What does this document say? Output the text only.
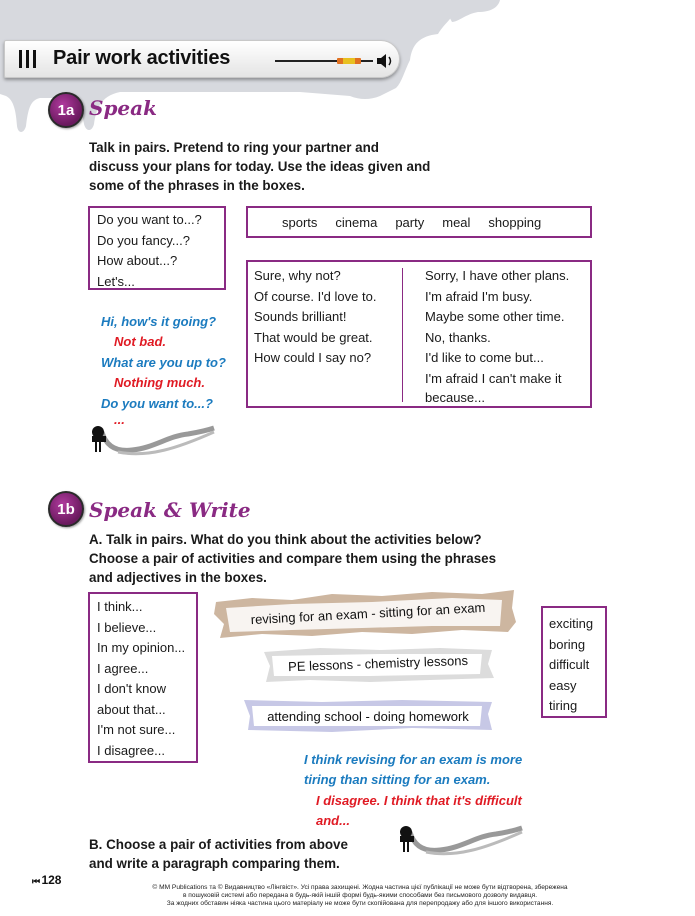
Pair work activities
1a Speak
Talk in pairs. Pretend to ring your partner and
discuss your plans for today. Use the ideas given and
some of the phrases in the boxes.
Do you want to...?
Do you fancy...?
How about...?
Let's...
sports cinema party meal shopping
Sure, why not?
Of course. I'd love to.
Sounds brilliant!
That would be great.
How could I say no?
Sorry, I have other plans.
I'm afraid I'm busy.
Maybe some other time.
No, thanks.
I'd like to come but...
I'm afraid I can't make it
because...
Hi, how's it going?
Not bad.
What are you up to?
Nothing much.
Do you want to...?
...
1b Speak & Write
A. Talk in pairs. What do you think about the activities below?
Choose a pair of activities and compare them using the phrases
and adjectives in the boxes.
I think...
I believe...
In my opinion...
I agree...
I don't know
about that...
I'm not sure...
I disagree...
revising for an exam - sitting for an exam
PE lessons - chemistry lessons
attending school - doing homework
exciting
boring
difficult
easy
tiring
I think revising for an exam is more
tiring than sitting for an exam.
I disagree. I think that it's difficult
and...
B. Choose a pair of activities from above
and write a paragraph comparing them.
⏮ 128
© MM Publications та © Видавництво «Лінгвіст». Усі права захищені. Жодна частина цієї публікації не може бути відтворена, збережена
в пошуковій системі або передана в будь-якій іншій формі будь-якими способами без письмового дозволу видавця.
За жодних обставин ніяка частина цього матеріалу не може бути скопійована для перепродажу або для іншого використання.
